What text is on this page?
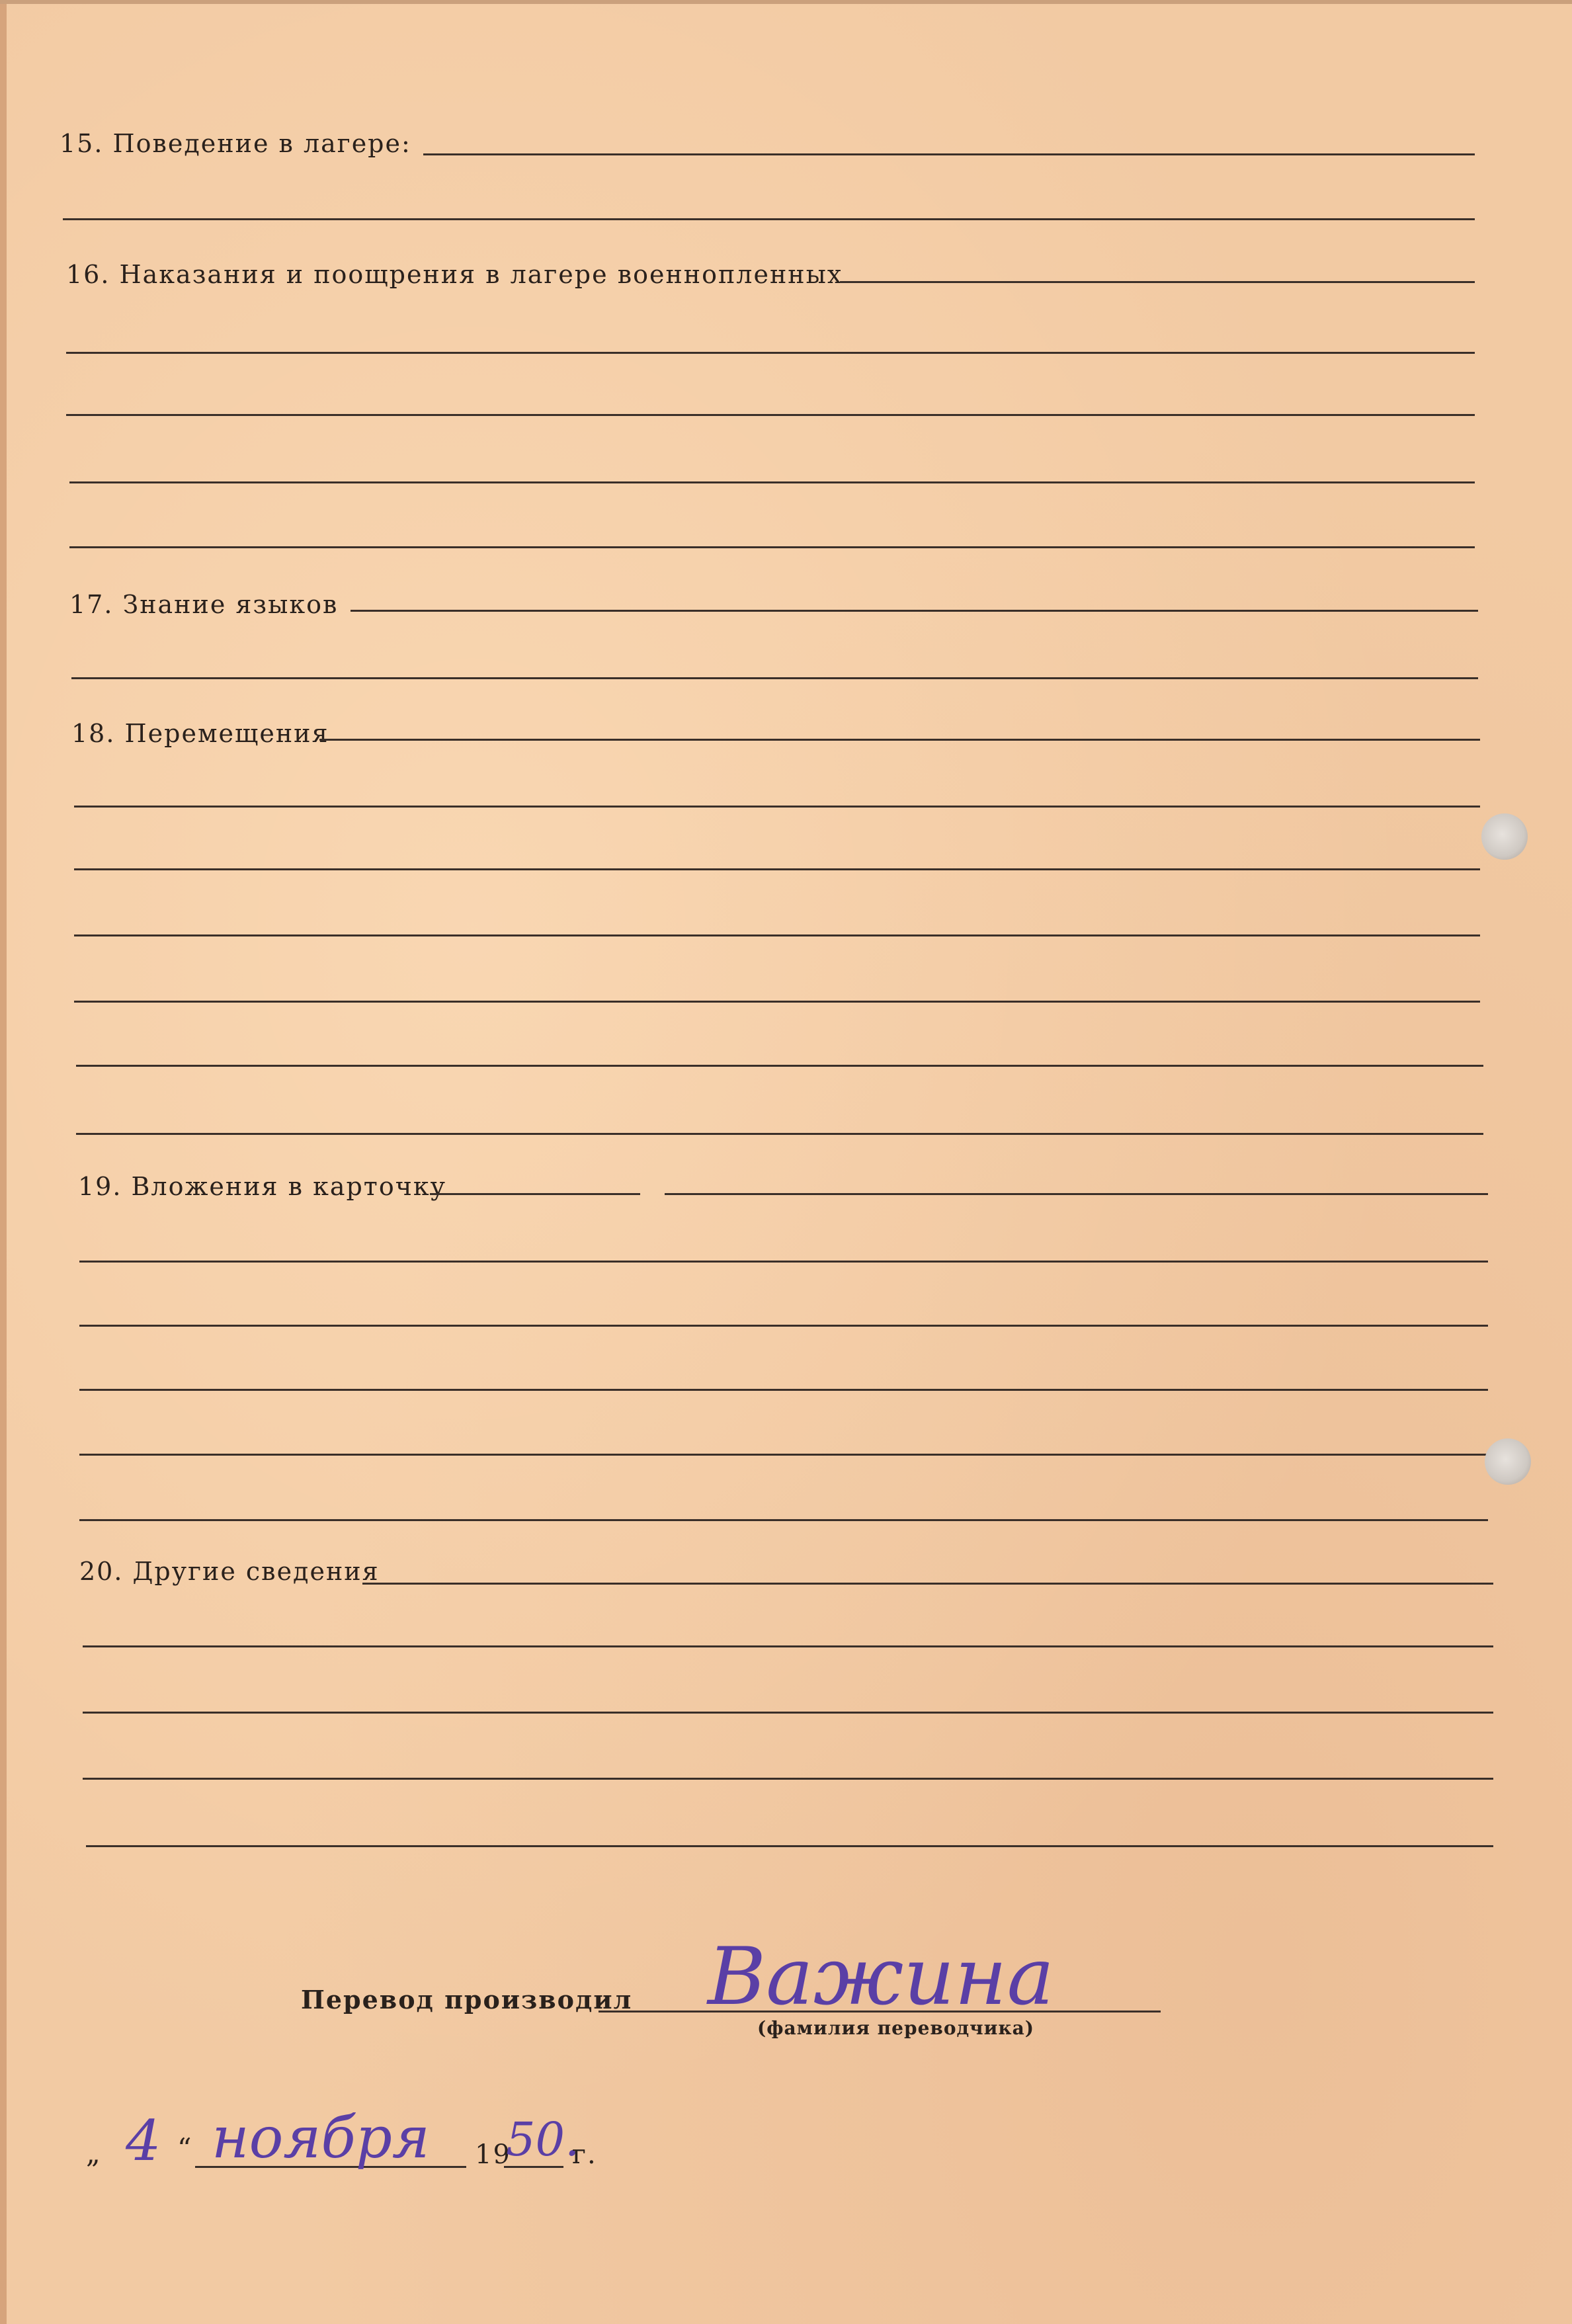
15. Поведение в лагере:
16. Наказания и поощрения в лагере военнопленных
17. Знание языков
18. Перемещения
19. Вложения в карточку
20. Другие сведения
Перевод производил Важина
(фамилия переводчика)
„ 4 “ ноября 19
50.
г.
